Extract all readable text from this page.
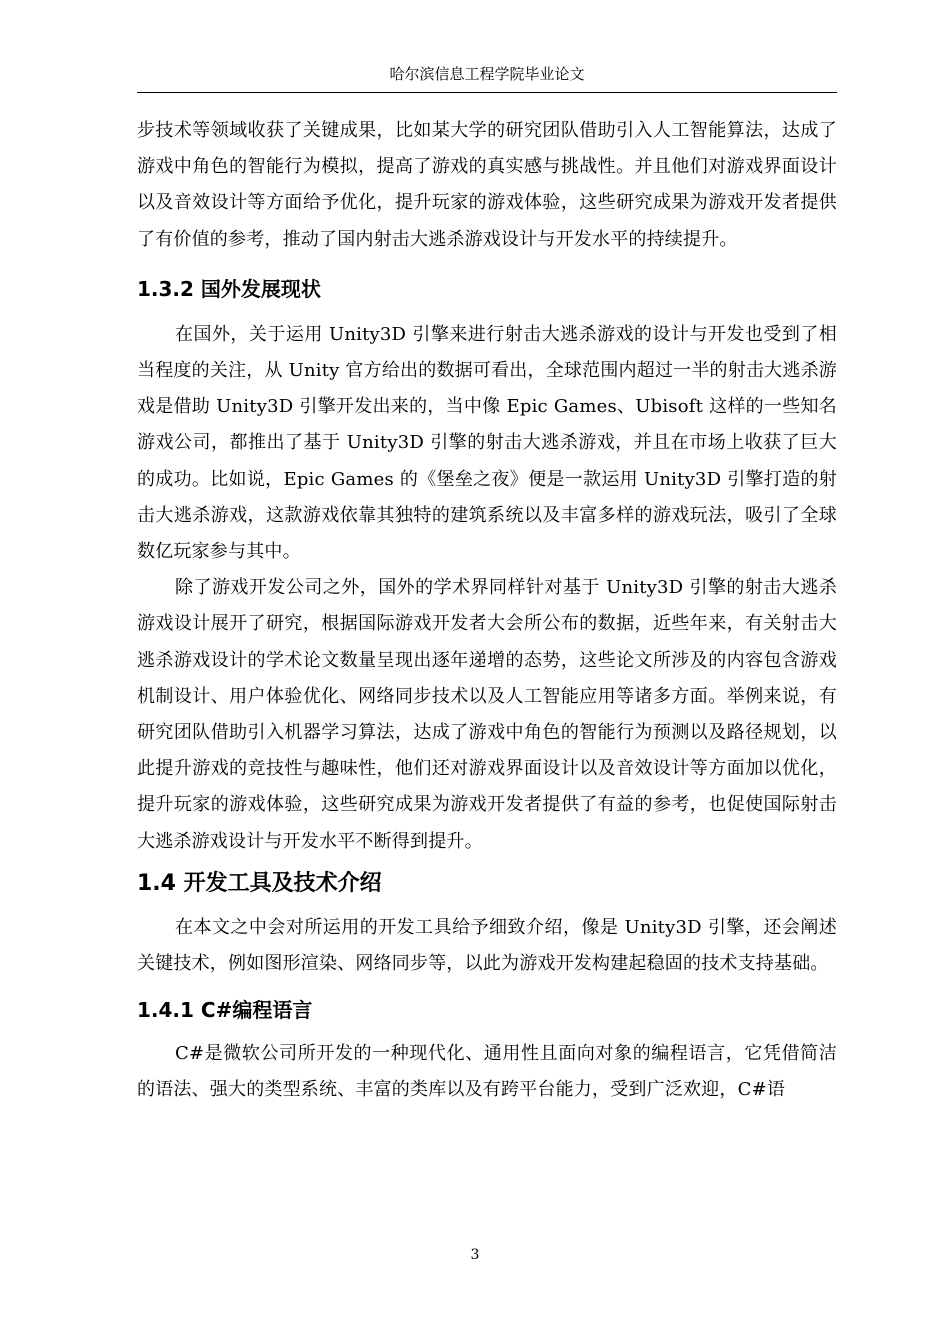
哈尔滨信息工程学院毕业论文

步技术等领域收获了关键成果，比如某大学的研究团队借助引入人工智能算法，达成了游戏中角色的智能行为模拟，提高了游戏的真实感与挑战性。并且他们对游戏界面设计以及音效设计等方面给予优化，提升玩家的游戏体验，这些研究成果为游戏开发者提供了有价值的参考，推动了国内射击大逃杀游戏设计与开发水平的持续提升。

1.3.2 国外发展现状

在国外，关于运用 Unity3D 引擎来进行射击大逃杀游戏的设计与开发也受到了相当程度的关注，从 Unity 官方给出的数据可看出，全球范围内超过一半的射击大逃杀游戏是借助 Unity3D 引擎开发出来的，当中像 Epic Games、Ubisoft 这样的一些知名游戏公司，都推出了基于 Unity3D 引擎的射击大逃杀游戏，并且在市场上收获了巨大的成功。比如说，Epic Games 的《堡垒之夜》便是一款运用 Unity3D 引擎打造的射击大逃杀游戏，这款游戏依靠其独特的建筑系统以及丰富多样的游戏玩法，吸引了全球数亿玩家参与其中。

除了游戏开发公司之外，国外的学术界同样针对基于 Unity3D 引擎的射击大逃杀游戏设计展开了研究，根据国际游戏开发者大会所公布的数据，近些年来，有关射击大逃杀游戏设计的学术论文数量呈现出逐年递增的态势，这些论文所涉及的内容包含游戏机制设计、用户体验优化、网络同步技术以及人工智能应用等诸多方面。举例来说，有研究团队借助引入机器学习算法，达成了游戏中角色的智能行为预测以及路径规划，以此提升游戏的竞技性与趣味性，他们还对游戏界面设计以及音效设计等方面加以优化，提升玩家的游戏体验，这些研究成果为游戏开发者提供了有益的参考，也促使国际射击大逃杀游戏设计与开发水平不断得到提升。

1.4 开发工具及技术介绍

在本文之中会对所运用的开发工具给予细致介绍，像是 Unity3D 引擎，还会阐述关键技术，例如图形渲染、网络同步等，以此为游戏开发构建起稳固的技术支持基础。

1.4.1 C#编程语言

C#是微软公司所开发的一种现代化、通用性且面向对象的编程语言，它凭借简洁的语法、强大的类型系统、丰富的类库以及有跨平台能力，受到广泛欢迎，C#语

3
